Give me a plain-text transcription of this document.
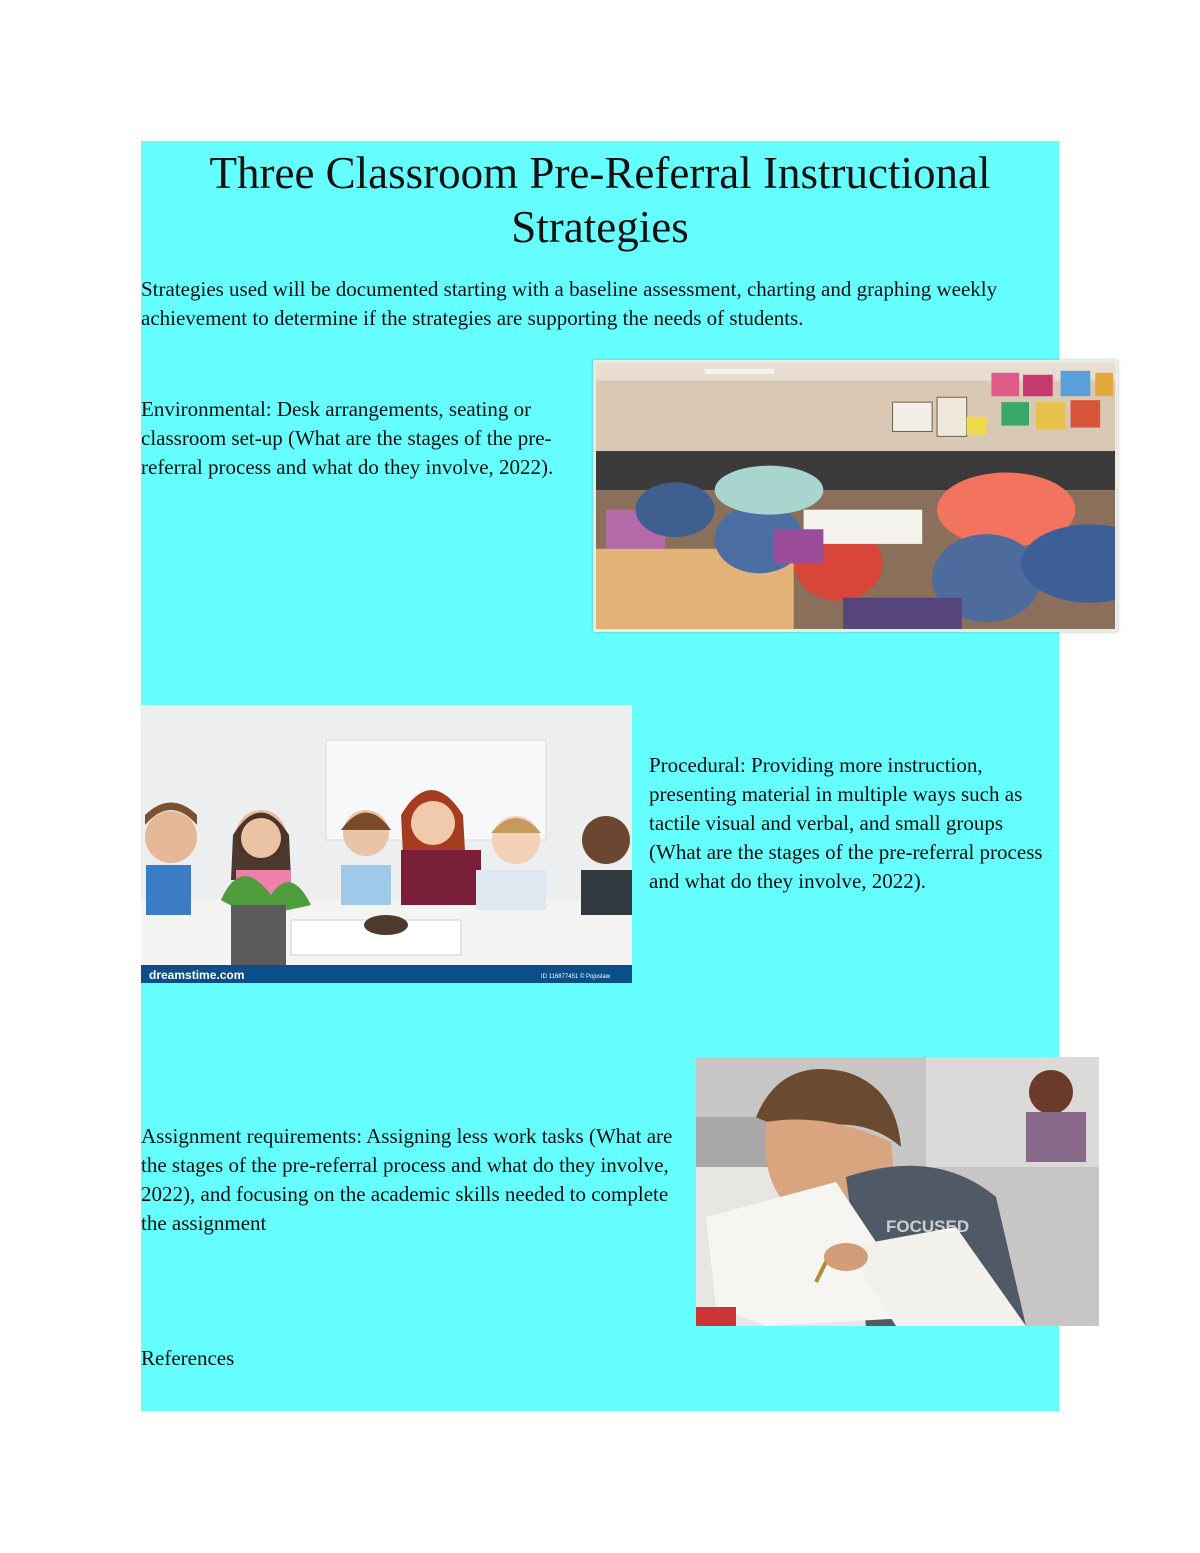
Three Classroom Pre-Referral Instructional Strategies

Strategies used will be documented starting with a baseline assessment, charting and graphing weekly achievement to determine if the strategies are supporting the needs of students.

Environmental: Desk arrangements, seating or classroom set-up (What are the stages of the pre-referral process and what do they involve, 2022).

dreamstime.com	ID 116877451 © Pojoslaw

Procedural: Providing more instruction, presenting material in multiple ways such as tactile visual and verbal, and small groups (What are the stages of the pre-referral process and what do they involve, 2022).

Assignment requirements: Assigning less work tasks (What are the stages of the pre-referral process and what do they involve, 2022), and focusing on the academic skills needed to complete the assignment	FOCUSED

References
